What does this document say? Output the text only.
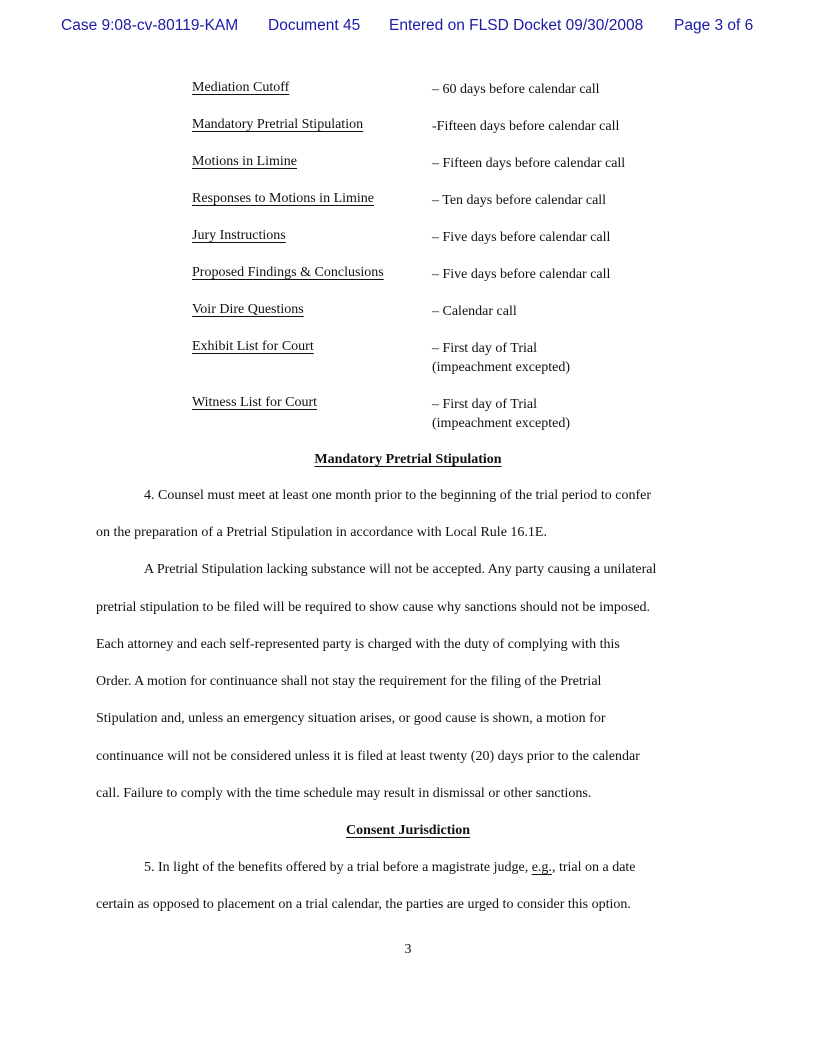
Case 9:08-cv-80119-KAM Document 45 Entered on FLSD Docket 09/30/2008 Page 3 of 6
Mediation Cutoff	– 60 days before calendar call
Mandatory Pretrial Stipulation	-Fifteen days before calendar call
Motions in Limine	– Fifteen days before calendar call
Responses to Motions in Limine	– Ten days before calendar call
Jury Instructions	– Five days before calendar call
Proposed Findings & Conclusions	– Five days before calendar call
Voir Dire Questions	– Calendar call
Exhibit List for Court	– First day of Trial
(impeachment excepted)
Witness List for Court	– First day of Trial
(impeachment excepted)
Mandatory Pretrial Stipulation
4. Counsel must meet at least one month prior to the beginning of the trial period to confer
on the preparation of a Pretrial Stipulation in accordance with Local Rule 16.1E.
A Pretrial Stipulation lacking substance will not be accepted. Any party causing a unilateral
pretrial stipulation to be filed will be required to show cause why sanctions should not be imposed.
Each attorney and each self-represented party is charged with the duty of complying with this
Order. A motion for continuance shall not stay the requirement for the filing of the Pretrial
Stipulation and, unless an emergency situation arises, or good cause is shown, a motion for
continuance will not be considered unless it is filed at least twenty (20) days prior to the calendar
call. Failure to comply with the time schedule may result in dismissal or other sanctions.
Consent Jurisdiction
5. In light of the benefits offered by a trial before a magistrate judge, e.g., trial on a date
certain as opposed to placement on a trial calendar, the parties are urged to consider this option.
3
